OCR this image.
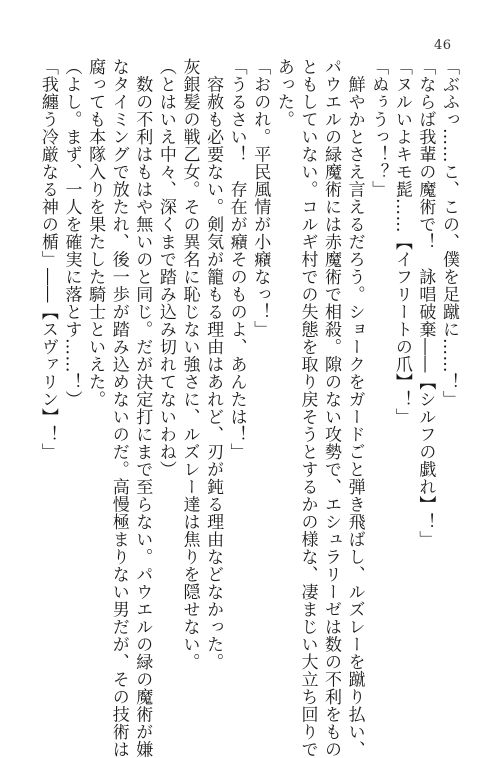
46
「ぶふっ……こ、この、僕を足蹴に……！」
「ならば我輩の魔術で！　詠唱破棄――【シルフの戯れ】！」
「ヌルいよキモ髭……【イフリートの爪】！」
「ぬぅうっ！？」
　鮮やかとさえ言えるだろう。ショークをガードごと弾き飛ばし、ルズレーを蹴り払い、
パウエルの緑魔術には赤魔術で相殺。隙のない攻勢で、エシュラリーゼは数の不利をもの
ともしていない。コルギ村での失態を取り戻そうとするかの様な、凄まじい大立ち回りで
あった。
「おのれ。平民風情が小癪なっ！」
「うるさい！　存在が癪そのものよ、あんたは！」
　容赦も必要ない。剣気が籠もる理由はあれど、刃が鈍る理由などなかった。
灰銀髪の戦乙女。その異名に恥じない強さに、ルズレー達は焦りを隠せない。
（とはいえ中々、深くまで踏み込み切れてないわね）
　数の不利はもはや無いのと同じ。だが決定打にまで至らない。パウエルの緑の魔術が嫌
なタイミングで放たれ、後一歩が踏み込めないのだ。高慢極まりない男だが、その技術は
腐っても本隊入りを果たした騎士といえた。
（よし。まず、一人を確実に落とす……！）
「我纏う冷厳なる神の楯」――【スヴァリン】！」
